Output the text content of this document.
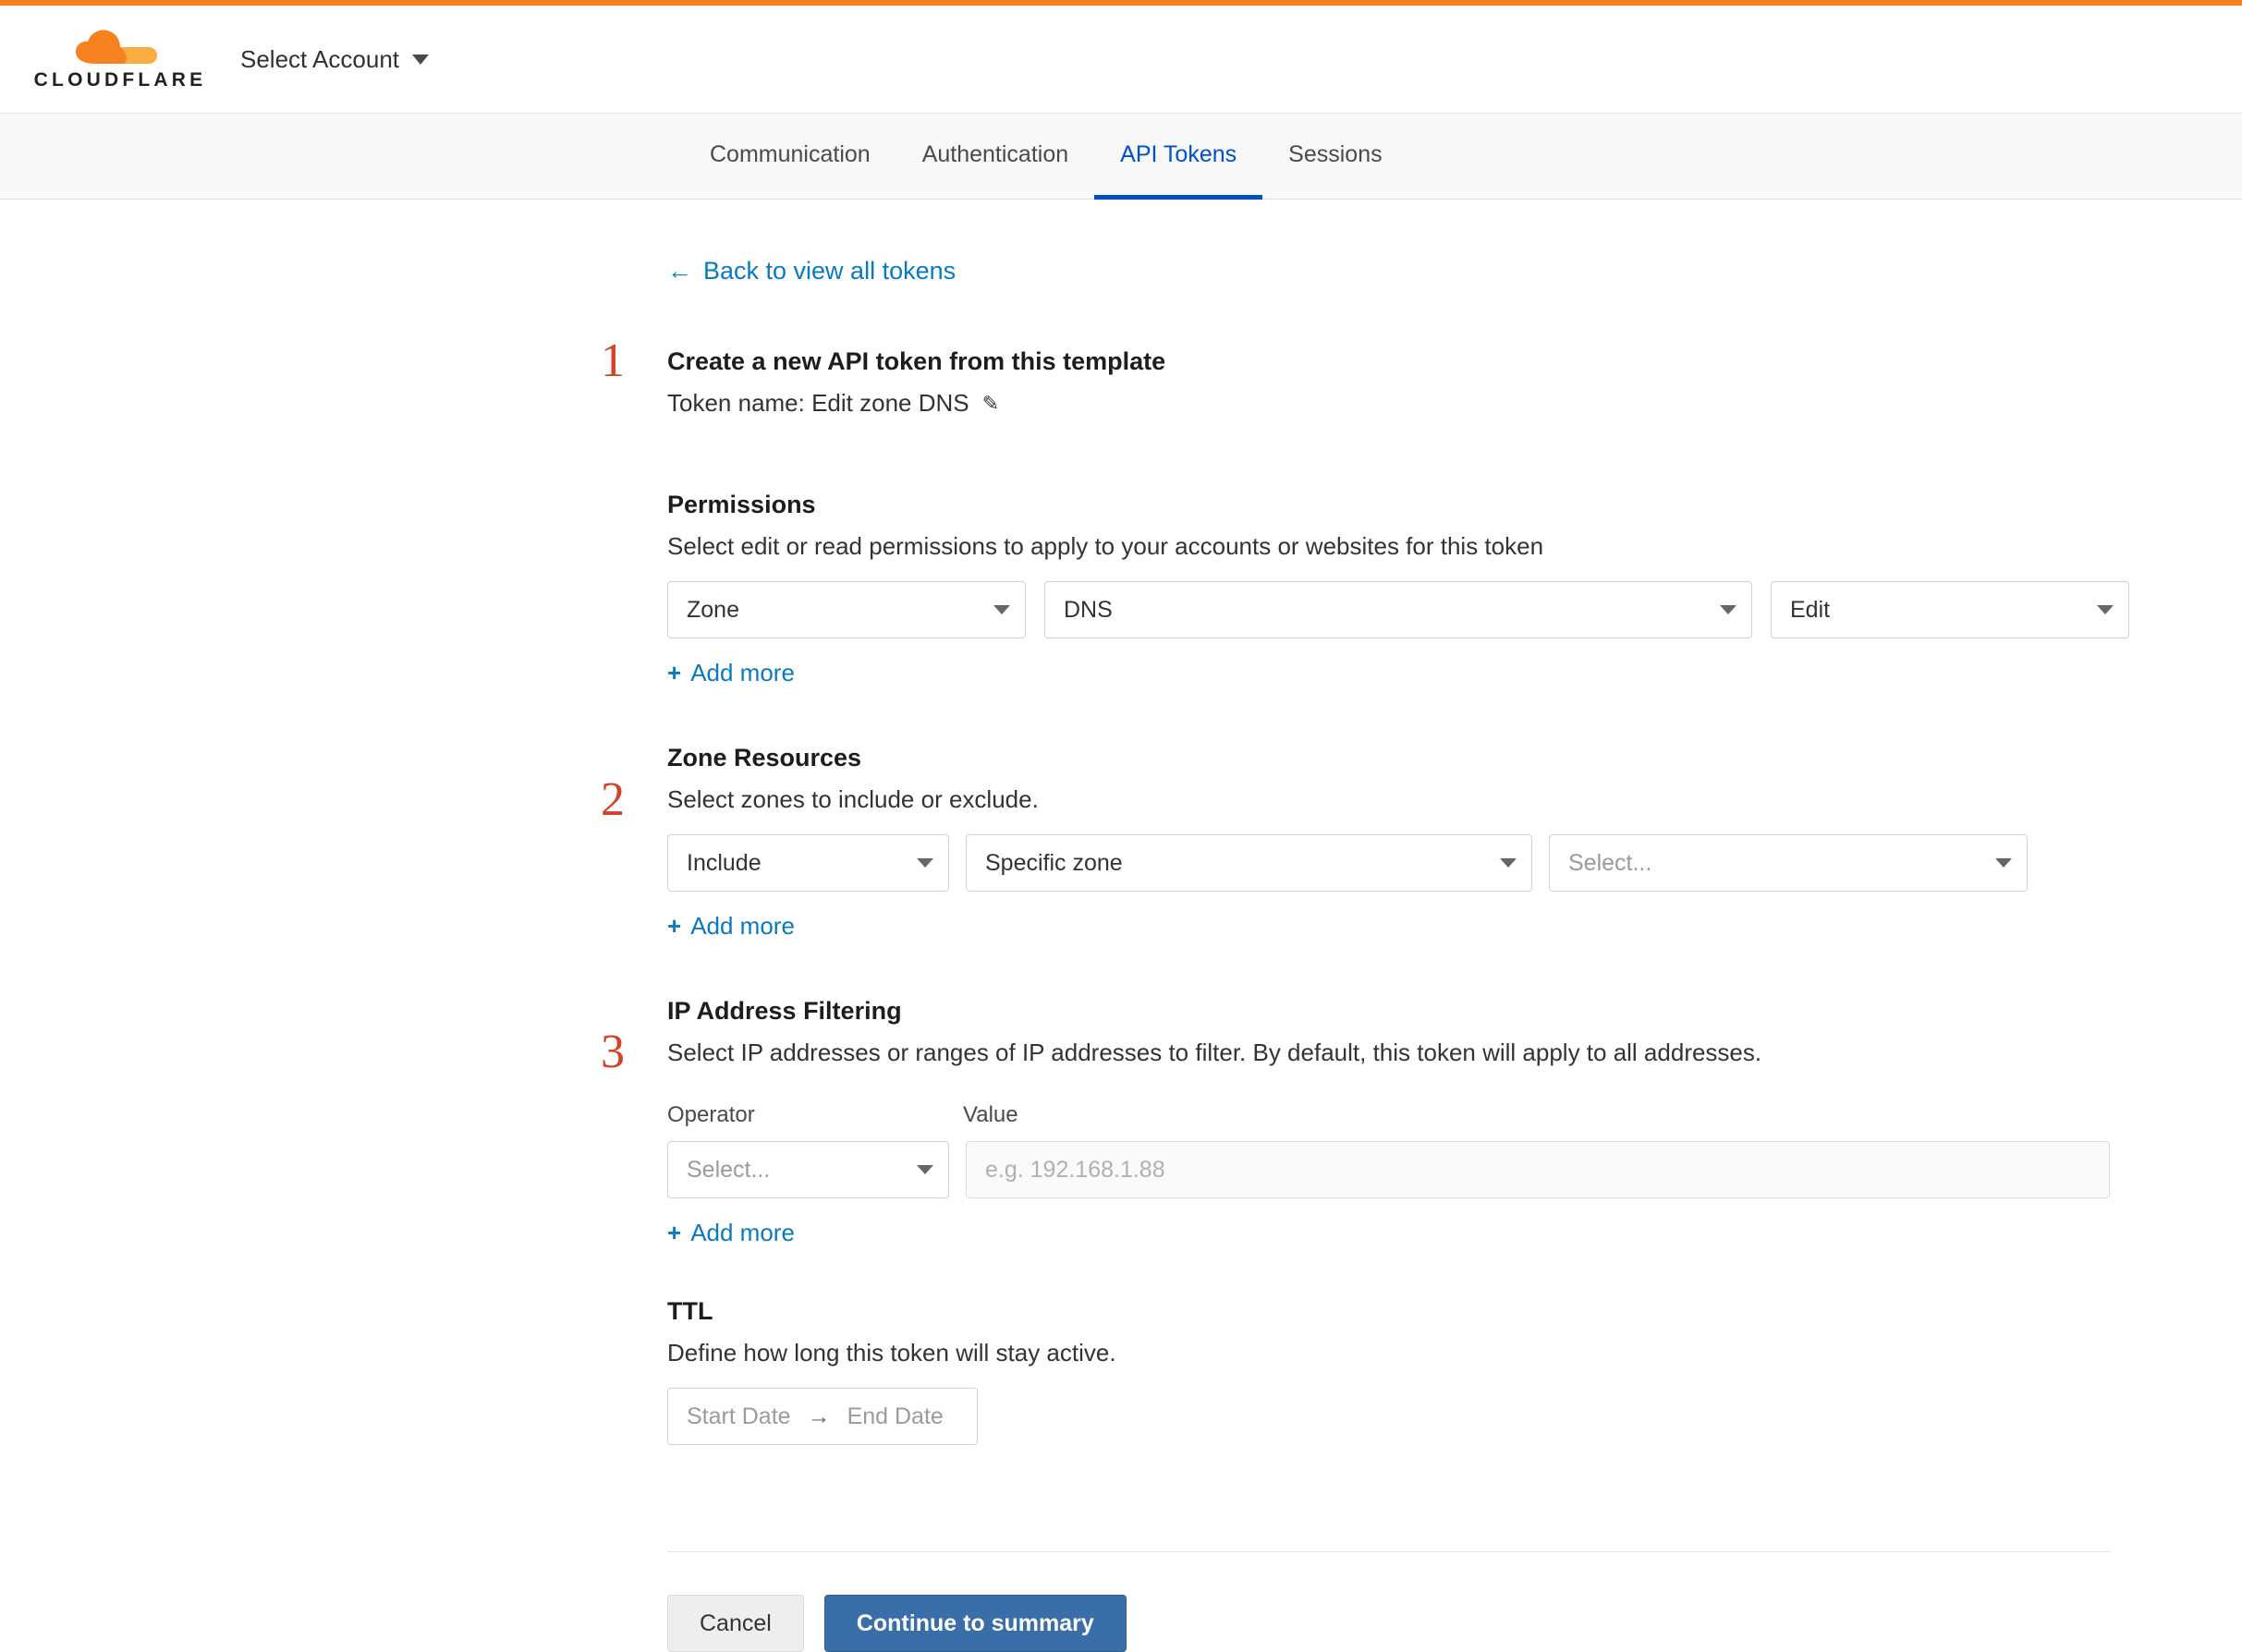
CLOUDFLARE
Select Account
Communication Authentication API Tokens Sessions
← Back to view all tokens
1 Create a new API token from this template
Token name: Edit zone DNS ✎
2
Permissions
Select edit or read permissions to apply to your accounts or websites for this token
Zone	DNS	Edit
+ Add more
3
Zone Resources
Select zones to include or exclude.
Include	Specific zone	Select...
+ Add more
IP Address Filtering
Select IP addresses or ranges of IP addresses to filter. By default, this token will apply to all addresses.
Operator	Value
Select...	e.g. 192.168.1.88
+ Add more
TTL
Define how long this token will stay active.
Start Date → End Date
Cancel	Continue to summary
